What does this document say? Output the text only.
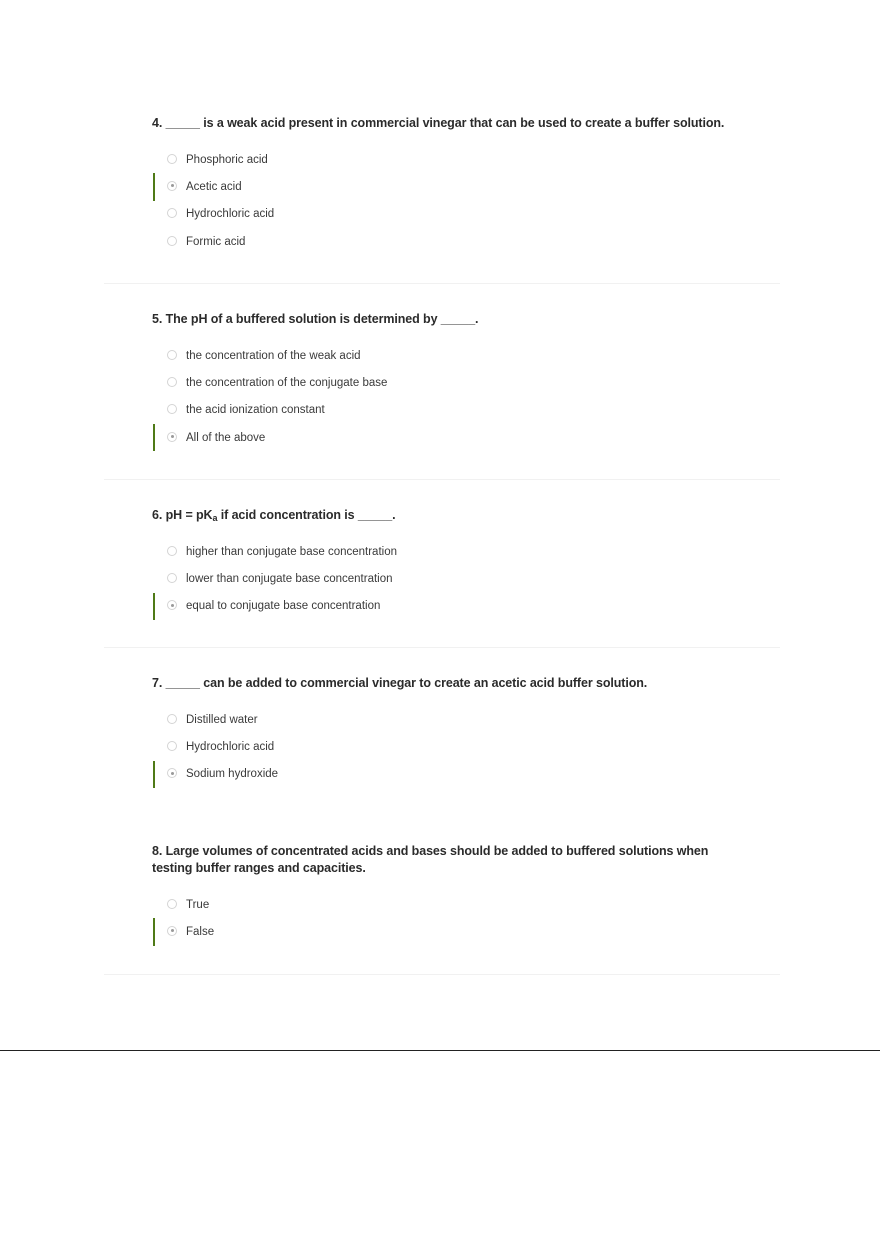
4. _____ is a weak acid present in commercial vinegar that can be used to create a buffer solution.
Phosphoric acid
Acetic acid
Hydrochloric acid
Formic acid
5. The pH of a buffered solution is determined by _____.
the concentration of the weak acid
the concentration of the conjugate base
the acid ionization constant
All of the above
6. pH = $pK_a$ if acid concentration is _____.
higher than conjugate base concentration
lower than conjugate base concentration
equal to conjugate base concentration
7. _____ can be added to commercial vinegar to create an acetic acid buffer solution.
Distilled water
Hydrochloric acid
Sodium hydroxide
8. Large volumes of concentrated acids and bases should be added to buffered solutions when testing buffer ranges and capacities.
True
False
